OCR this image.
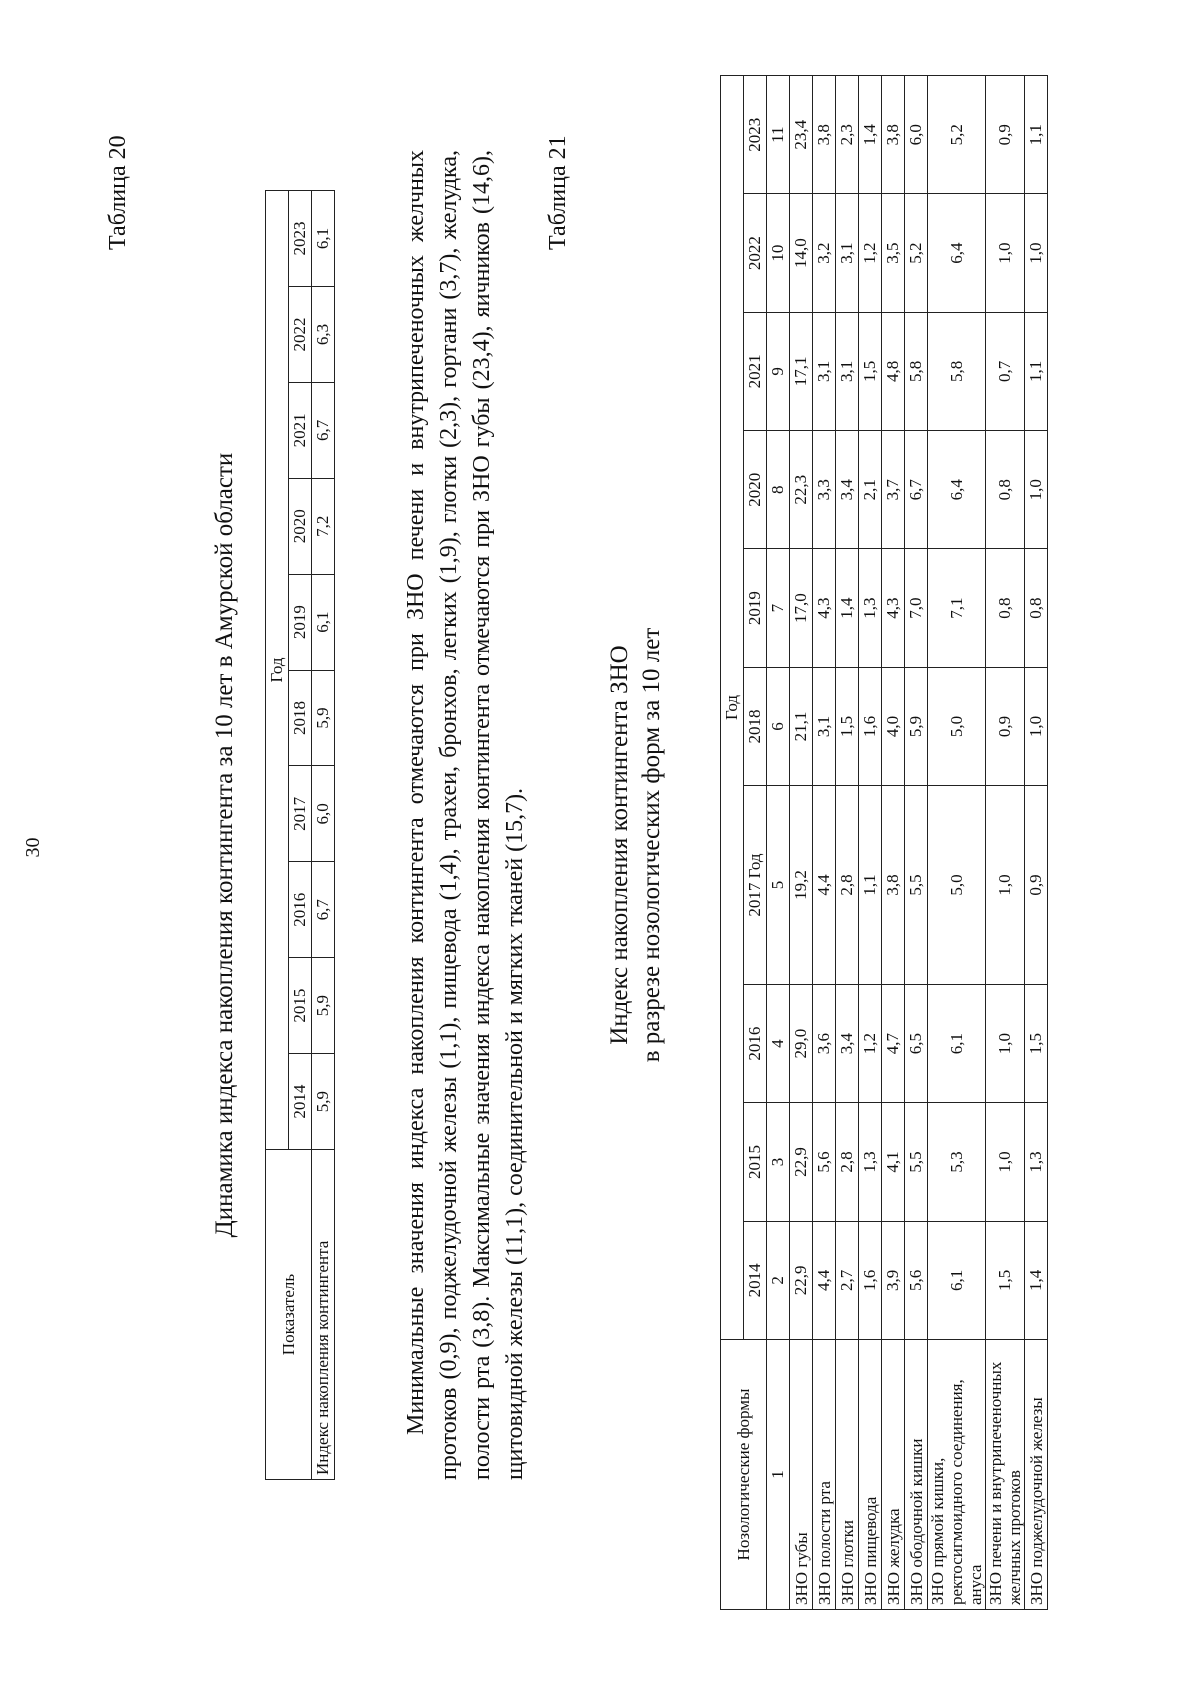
30
Таблица 20
Динамика индекса накопления контингента за 10 лет в Амурской области
Показатель	Год									
	2014	2015	2016	2017	2018	2019	2020	2021	2022	2023
Индекс накопления контингента	5,9	5,9	6,7	6,0	5,9	6,1	7,2	6,7	6,3	6,1	Минимальные значения индекса накопления контингента отмечаются при ЗНО печени и внутрипеченочных желчных протоков (0,9), поджелудочной железы (1,1), пищевода (1,4), трахеи, бронхов, легких (1,9), глотки (2,3), гортани (3,7), желудка, полости рта (3,8). Максимальные значения индекса накопления контингента отмечаются при ЗНО губы (23,4), яичников (14,6), щитовидной железы (11,1), соединительной и мягких тканей (15,7).
Таблица 21
Индекс накопления контингента ЗНО в разрезе нозологических форм за 10 лет
Нозологические формы	Год									
	2014	2015	2016	2017 Год	2018	2019	2020	2021	2022	2023
1	2	3	4	5	6	7	8	9	10	11
ЗНО губы	22,9	22,9	29,0	19,2	21,1	17,0	22,3	17,1	14,0	23,4
ЗНО полости рта	4,4	5,6	3,6	4,4	3,1	4,3	3,3	3,1	3,2	3,8
ЗНО глотки	2,7	2,8	3,4	2,8	1,5	1,4	3,4	3,1	3,1	2,3
ЗНО пищевода	1,6	1,3	1,2	1,1	1,6	1,3	2,1	1,5	1,2	1,4
ЗНО желудка	3,9	4,1	4,7	3,8	4,0	4,3	3,7	4,8	3,5	3,8
ЗНО ободочной кишки	5,6	5,5	6,5	5,5	5,9	7,0	6,7	5,8	5,2	6,0
ЗНО прямой кишки, ректосигмоидного соединения, ануса	6,1	5,3	6,1	5,0	5,0	7,1	6,4	5,8	6,4	5,2
ЗНО печени и внутрипеченочных желчных протоков	1,5	1,0	1,0	1,0	0,9	0,8	0,8	0,7	1,0	0,9
ЗНО поджелудочной железы	1,4	1,3	1,5	0,9	1,0	0,8	1,0	1,1	1,0	1,1
